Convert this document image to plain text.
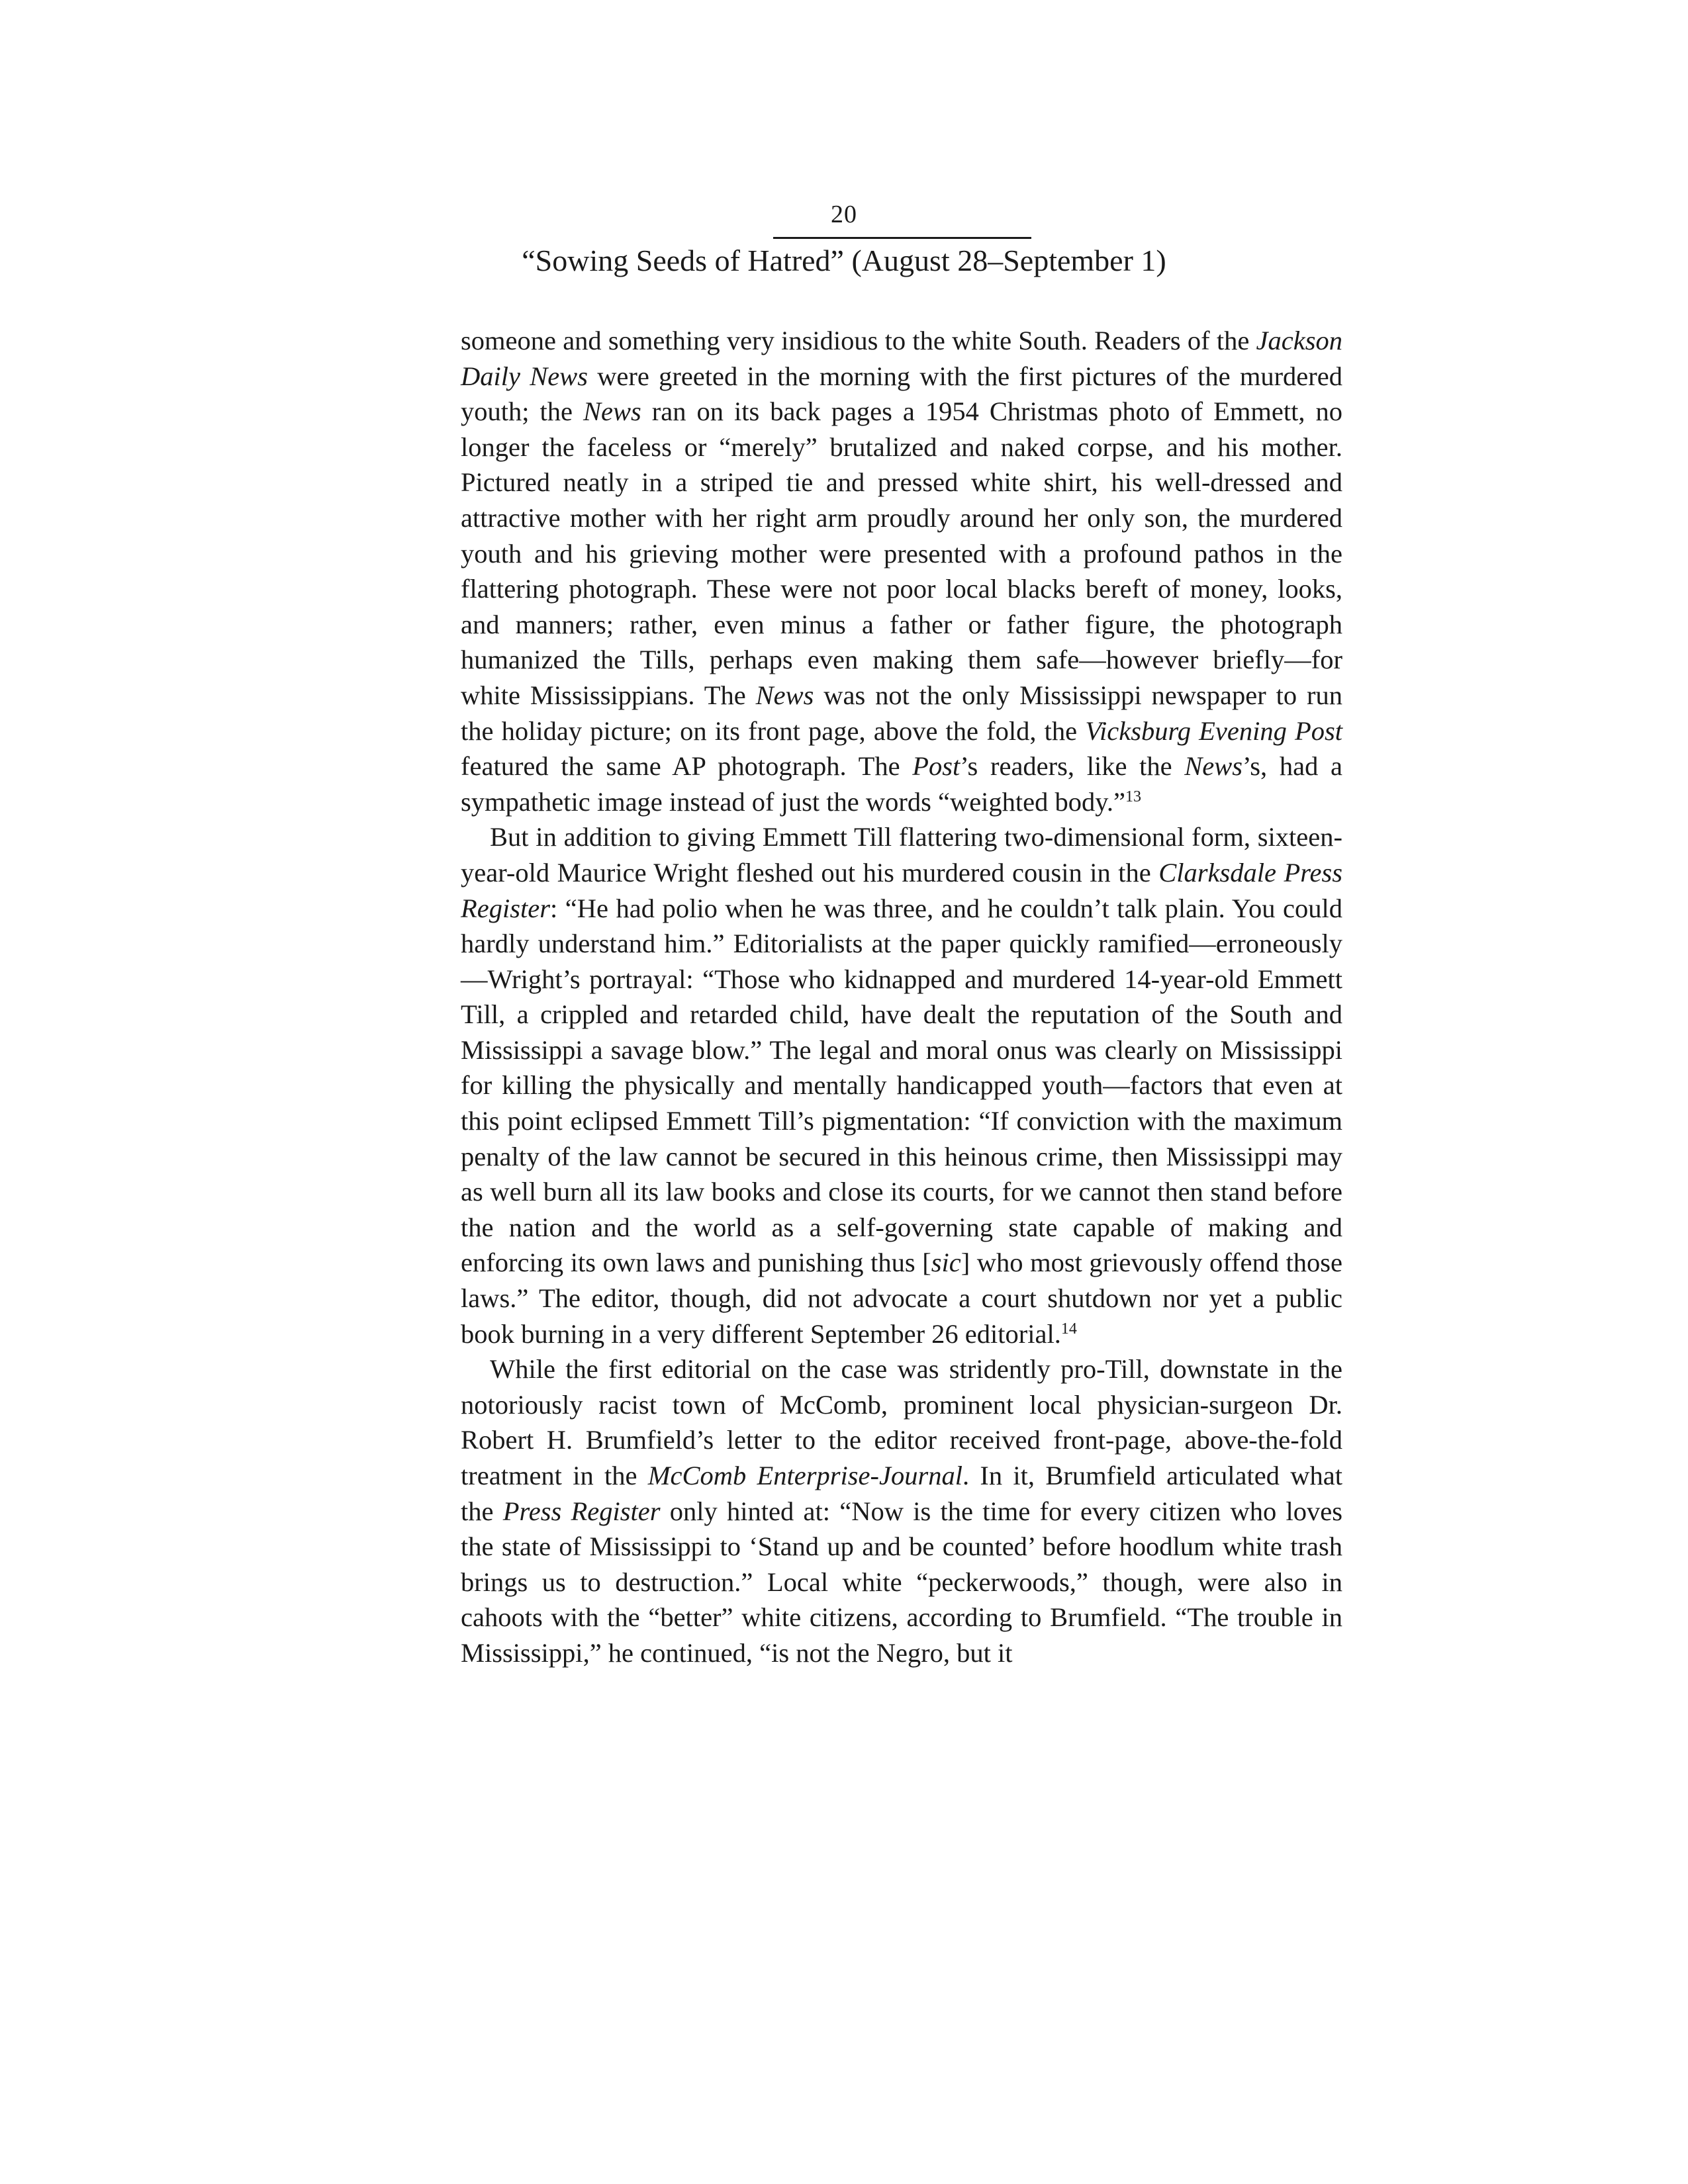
20
“Sowing Seeds of Hatred” (August 28–September 1)

someone and something very insidious to the white South. Readers of the Jackson Daily News were greeted in the morning with the first pictures of the murdered youth; the News ran on its back pages a 1954 Christmas photo of Emmett, no longer the faceless or “merely” brutalized and naked corpse, and his mother. Pictured neatly in a striped tie and pressed white shirt, his well-dressed and attractive mother with her right arm proudly around her only son, the murdered youth and his grieving mother were presented with a profound pathos in the flattering photograph. These were not poor local blacks bereft of money, looks, and manners; rather, even minus a father or father figure, the photograph humanized the Tills, perhaps even making them safe—however briefly—for white Mississippians. The News was not the only Mississippi newspaper to run the holiday picture; on its front page, above the fold, the Vicksburg Evening Post featured the same AP photograph. The Post’s readers, like the News’s, had a sympathetic image instead of just the words “weighted body.”$^{13}$

But in addition to giving Emmett Till flattering two-dimensional form, sixteen-year-old Maurice Wright fleshed out his murdered cousin in the Clarksdale Press Register: “He had polio when he was three, and he couldn’t talk plain. You could hardly understand him.” Editorialists at the paper quickly ramified—erroneously—Wright’s portrayal: “Those who kidnapped and murdered 14-year-old Emmett Till, a crippled and retarded child, have dealt the reputation of the South and Mississippi a savage blow.” The legal and moral onus was clearly on Mississippi for killing the physically and mentally handicapped youth—factors that even at this point eclipsed Emmett Till’s pigmentation: “If conviction with the maximum penalty of the law cannot be secured in this heinous crime, then Mississippi may as well burn all its law books and close its courts, for we cannot then stand before the nation and the world as a self-governing state capable of making and enforcing its own laws and punishing thus [sic] who most grievously offend those laws.” The editor, though, did not advocate a court shutdown nor yet a public book burning in a very different September 26 editorial.$^{14}$

While the first editorial on the case was stridently pro-Till, downstate in the notoriously racist town of McComb, prominent local physician-surgeon Dr. Robert H. Brumfield’s letter to the editor received front-page, above-the-fold treatment in the McComb Enterprise-Journal. In it, Brumfield articulated what the Press Register only hinted at: “Now is the time for every citizen who loves the state of Mississippi to ‘Stand up and be counted’ before hoodlum white trash brings us to destruction.” Local white “peckerwoods,” though, were also in cahoots with the “better” white citizens, according to Brumfield. “The trouble in Mississippi,” he continued, “is not the Negro, but it
